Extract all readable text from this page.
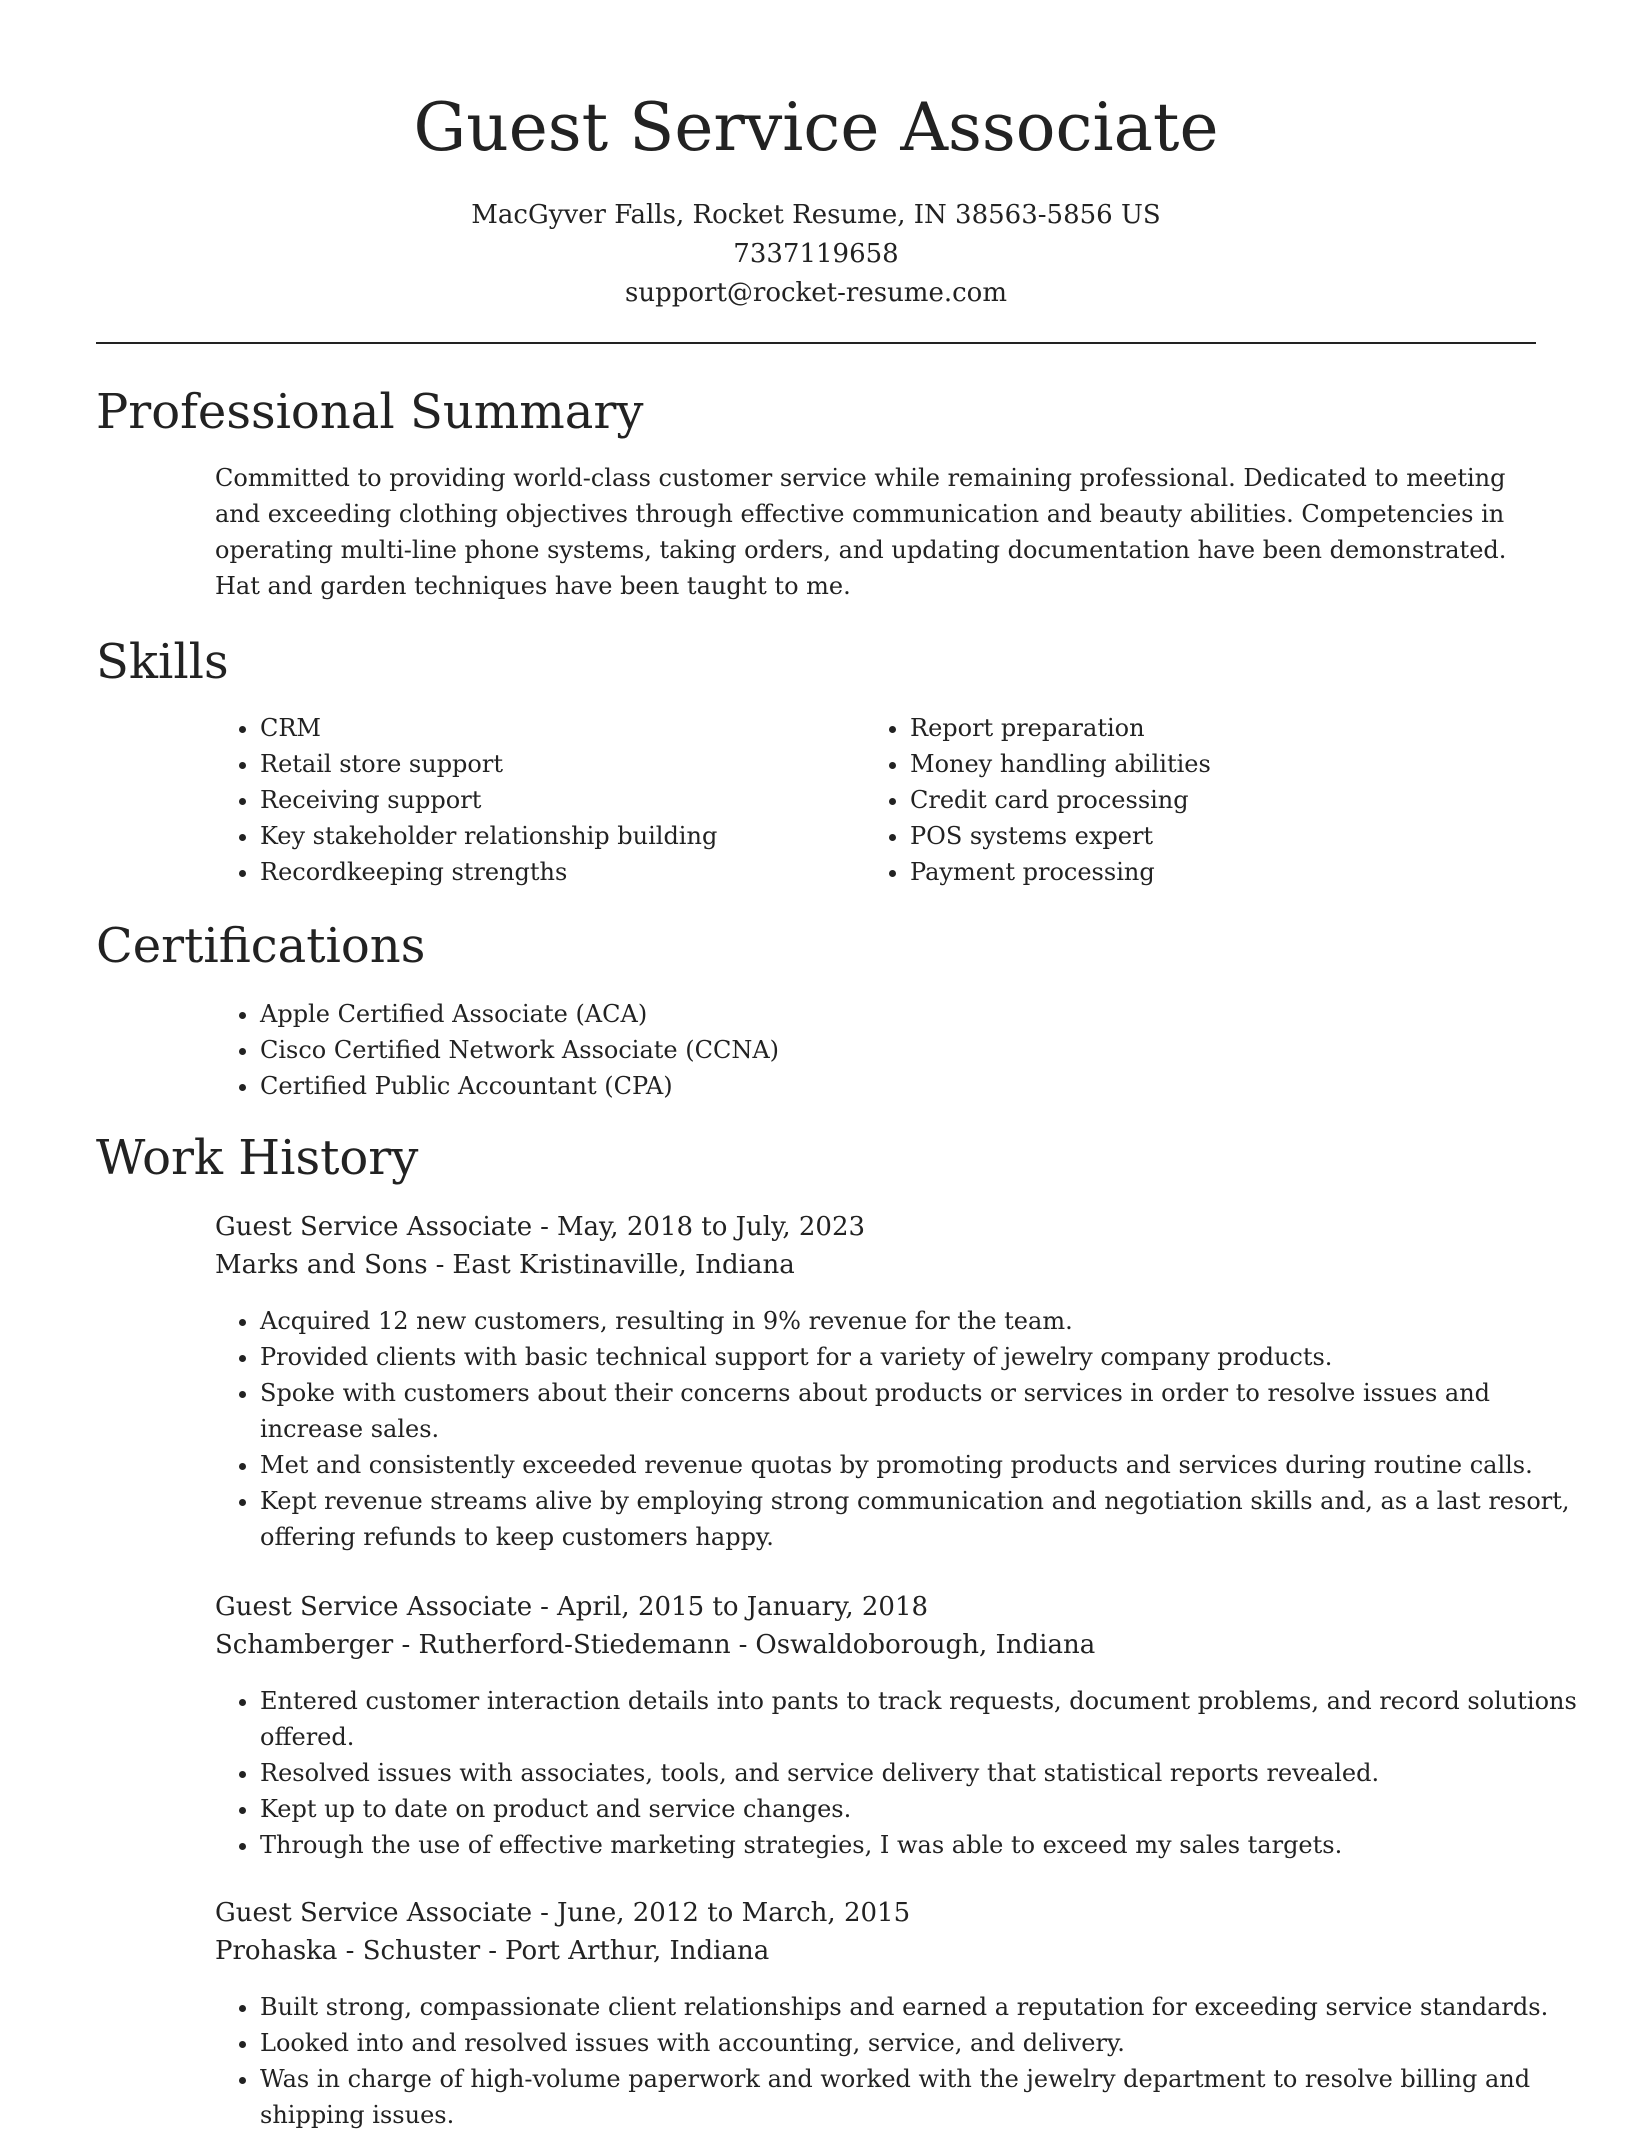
Guest Service Associate
MacGyver Falls, Rocket Resume, IN 38563-5856 US
7337119658
support@rocket-resume.com
Professional Summary
Committed to providing world-class customer service while remaining professional. Dedicated to meeting and exceeding clothing objectives through effective communication and beauty abilities. Competencies in operating multi-line phone systems, taking orders, and updating documentation have been demonstrated. Hat and garden techniques have been taught to me.
Skills
• CRM
• Retail store support
• Receiving support
• Key stakeholder relationship building
• Recordkeeping strengths
• Report preparation
• Money handling abilities
• Credit card processing
• POS systems expert
• Payment processing
Certifications
• Apple Certified Associate (ACA)
• Cisco Certified Network Associate (CCNA)
• Certified Public Accountant (CPA)
Work History
Guest Service Associate - May, 2018 to July, 2023
Marks and Sons - East Kristinaville, Indiana
• Acquired 12 new customers, resulting in 9% revenue for the team.
• Provided clients with basic technical support for a variety of jewelry company products.
• Spoke with customers about their concerns about products or services in order to resolve issues and increase sales.
• Met and consistently exceeded revenue quotas by promoting products and services during routine calls.
• Kept revenue streams alive by employing strong communication and negotiation skills and, as a last resort, offering refunds to keep customers happy.
Guest Service Associate - April, 2015 to January, 2018
Schamberger - Rutherford-Stiedemann - Oswaldoborough, Indiana
• Entered customer interaction details into pants to track requests, document problems, and record solutions offered.
• Resolved issues with associates, tools, and service delivery that statistical reports revealed.
• Kept up to date on product and service changes.
• Through the use of effective marketing strategies, I was able to exceed my sales targets.
Guest Service Associate - June, 2012 to March, 2015
Prohaska - Schuster - Port Arthur, Indiana
• Built strong, compassionate client relationships and earned a reputation for exceeding service standards.
• Looked into and resolved issues with accounting, service, and delivery.
• Was in charge of high-volume paperwork and worked with the jewelry department to resolve billing and shipping issues.
